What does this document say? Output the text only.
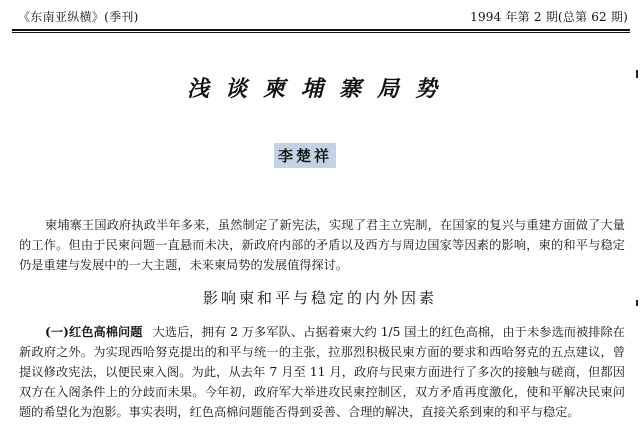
《东南亚纵横》(季刊)	1994 年第 2 期(总第 62 期)
浅谈柬埔寨局势
李楚祥

柬埔寨王国政府执政半年多来，虽然制定了新宪法，实现了君主立宪制，在国家的复兴与重建方面做了大量的工作。但由于民柬问题一直悬而未决，新政府内部的矛盾以及西方与周边国家等因素的影响，柬的和平与稳定仍是重建与发展中的一大主题，未来柬局势的发展值得探讨。

影响柬和平与稳定的内外因素

(一)红色高棉问题 大选后，拥有 2 万多军队、占据着柬大约 1/5 国土的红色高棉，由于未参选而被排除在新政府之外。为实现西哈努克提出的和平与统一的主张，拉那烈积极民柬方面的要求和西哈努克的五点建议，曾提议修改宪法，以便民柬入阁。为此，从去年 7 月至 11 月，政府与民柬方面进行了多次的接触与磋商，但都因双方在入阁条件上的分歧而未果。今年初，政府军大举进攻民柬控制区，双方矛盾再度激化，使和平解决民柬问题的希望化为泡影。事实表明，红色高棉问题能否得到妥善、合理的解决，直接关系到柬的和平与稳定。
